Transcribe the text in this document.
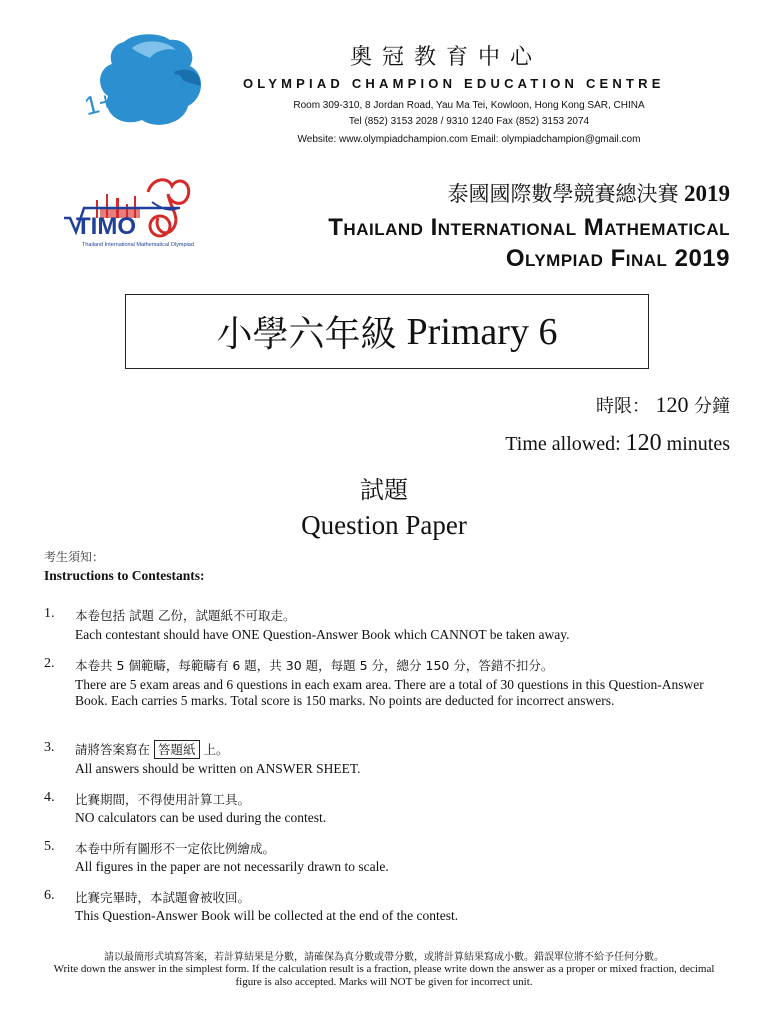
1+9=100
奧冠教育中心
OLYMPIAD CHAMPION EDUCATION CENTRE
Room 309-310, 8 Jordan Road, Yau Ma Tei, Kowloon, Hong Kong SAR, CHINA
Tel (852) 3153 2028 / 9310 1240 Fax (852) 3153 2074
Website: www.olympiadchampion.com Email: olympiadchampion@gmail.com
TIMO
Thailand International Mathematical Olympiad
泰國國際數學競賽總決賽 2019
Thailand International Mathematical
Olympiad Final 2019
小學六年級 Primary 6
時限： 120 分鐘
Time allowed: 120 minutes
試題
Question Paper
考生須知：
Instructions to Contestants:
1. 本卷包括 試題 乙份，試題紙不可取走。
Each contestant should have ONE Question-Answer Book which CANNOT be taken away.
2. 本卷共 5 個範疇，每範疇有 6 題，共 30 題，每題 5 分，總分 150 分，答錯不扣分。
There are 5 exam areas and 6 questions in each exam area. There are a total of 30 questions in this Question-Answer Book. Each carries 5 marks. Total score is 150 marks. No points are deducted for incorrect answers.
3. 請將答案寫在 答題紙 上。
All answers should be written on ANSWER SHEET.
4. 比賽期間，不得使用計算工具。
NO calculators can be used during the contest.
5. 本卷中所有圖形不一定依比例繪成。
All figures in the paper are not necessarily drawn to scale.
6. 比賽完畢時，本試題會被收回。
This Question-Answer Book will be collected at the end of the contest.
請以最簡形式填寫答案，若計算結果是分數，請確保為真分數或帶分數，或將計算結果寫成小數。錯誤單位將不給予任何分數。
Write down the answer in the simplest form. If the calculation result is a fraction, please write down the answer as a proper or mixed fraction, decimal figure is also accepted. Marks will NOT be given for incorrect unit.
